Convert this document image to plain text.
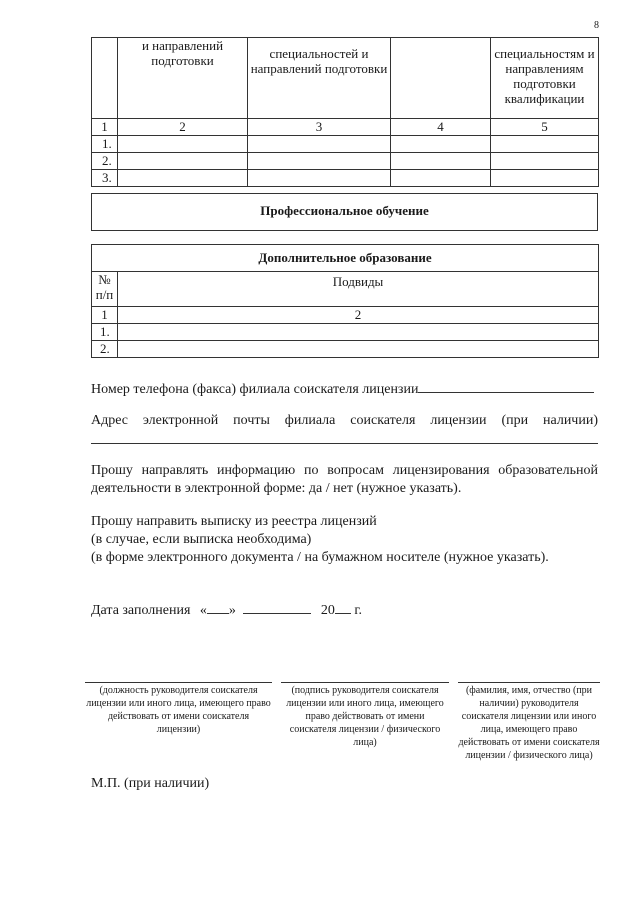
8
	и направлений подготовки	специальностей и направлений подготовки		специальностям и направлениям подготовки квалификации
1	2	3	4	5
1.				
2.				
3.				
Профессиональное обучение
Дополнительное образование	
№ п/п	Подвиды
1	2
1.	
2.	
Номер телефона (факса) филиала соискателя лицензии
Адрес электронной почты филиала соискателя лицензии (при наличии)
Прошу направлять информацию по вопросам лицензирования образовательной
деятельности в электронной форме: да / нет (нужное указать).
Прошу направить выписку из реестра лицензий
(в случае, если выписка необходима)
(в форме электронного документа / на бумажном носителе (нужное указать).
Дата заполнения « »	20 г.
(должность руководителя соискателя лицензии или иного лица, имеющего право действовать от имени соискателя лицензии)
(подпись руководителя соискателя лицензии или иного лица, имеющего право действовать от имени соискателя лицензии / физического лица)
(фамилия, имя, отчество (при наличии) руководителя соискателя лицензии или иного лица, имеющего право действовать от имени соискателя лицензии / физического лица)
М.П. (при наличии)
